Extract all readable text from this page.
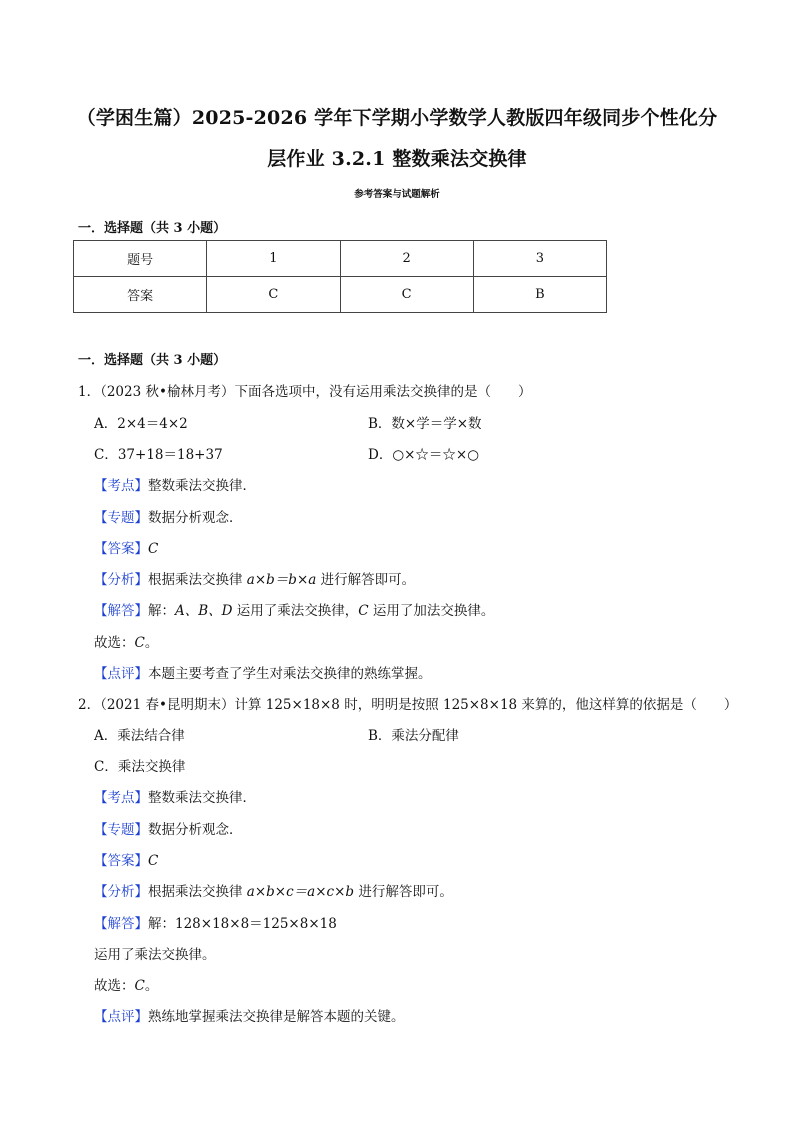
（学困生篇）2025-2026 学年下学期小学数学人教版四年级同步个性化分
层作业 3.2.1 整数乘法交换律
参考答案与试题解析
一．选择题（共 3 小题）
题号	1	2	3
答案	C	C	B
一．选择题（共 3 小题）
1．（2023 秋•榆林月考）下面各选项中，没有运用乘法交换律的是（　　）
A．2×4＝4×2	B．数×学＝学×数
C．37+18＝18+37	D．○×☆＝☆×○
【考点】整数乘法交换律．
【专题】数据分析观念．
【答案】C
【分析】根据乘法交换律 a×b＝b×a 进行解答即可。
【解答】解：A、B、D 运用了乘法交换律，C 运用了加法交换律。
故选：C。
【点评】本题主要考查了学生对乘法交换律的熟练掌握。
2．（2021 春•昆明期末）计算 125×18×8 时，明明是按照 125×8×18 来算的，他这样算的依据是（　　）
A．乘法结合律	B．乘法分配律
C．乘法交换律
【考点】整数乘法交换律．
【专题】数据分析观念．
【答案】C
【分析】根据乘法交换律 a×b×c＝a×c×b 进行解答即可。
【解答】解：128×18×8＝125×8×18
运用了乘法交换律。
故选：C。
【点评】熟练地掌握乘法交换律是解答本题的关键。
